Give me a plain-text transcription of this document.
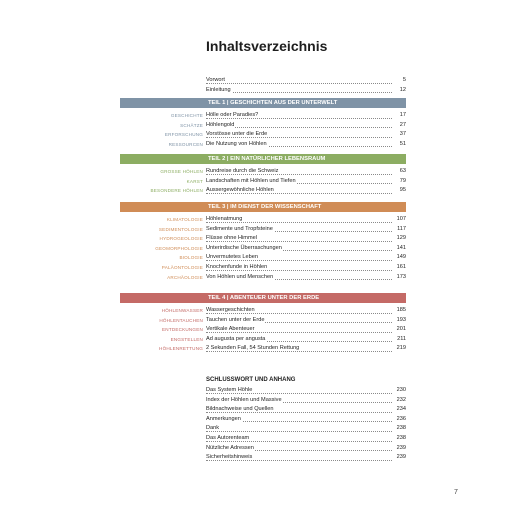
Inhaltsverzeichnis
Vorwort	5
Einleitung	12
TEIL 1 | GESCHICHTEN AUS DER UNTERWELT
GESCHICHTE Hölle oder Paradies?	17
SCHÄTZE Höhlengold	27
ERFORSCHUNG Vorstösse unter die Erde	37
RESSOURCEN Die Nutzung von Höhlen	51
TEIL 2 | EIN NATÜRLICHER LEBENSRAUM
GROSSE HÖHLEN Rundreise durch die Schweiz	63
KARST Landschaften mit Höhlen und Tiefen	79
BESONDERE HÖHLEN Aussergewöhnliche Höhlen	95
TEIL 3 | IM DIENST DER WISSENSCHAFT
KLIMATOLOGIE Höhlenatmung	107
SEDIMENTOLOGIE Sedimente und Tropfsteine	117
HYDROGEOLOGIE Flüsse ohne Himmel	129
GEOMORPHOLOGIE Unterirdische Überraschungen	141
BIOLOGIE Unvermutetes Leben	149
PALÄONTOLOGIE Knochenfunde in Höhlen	161
ARCHÄOLOGIE Von Höhlen und Menschen	173
TEIL 4 | ABENTEUER UNTER DER ERDE
HÖHLENWASSER Wassergeschichten	185
HÖHLENTAUCHEN Tauchen unter der Erde	193
ENTDECKUNGEN Vertikale Abenteuer	201
ENGSTELLEN Ad augusta per angusta	211
HÖHLENRETTUNG 2 Sekunden Fall, 54 Stunden Rettung	219
Das System Höhle	230
Index der Höhlen und Massive	232
Bildnachweise und Quellen	234
Anmerkungen	236
Dank	238
Das Autorenteam	238
Nützliche Adressen	239
Sicherheitshinweis	239
SCHLUSSWORT UND ANHANG
7
